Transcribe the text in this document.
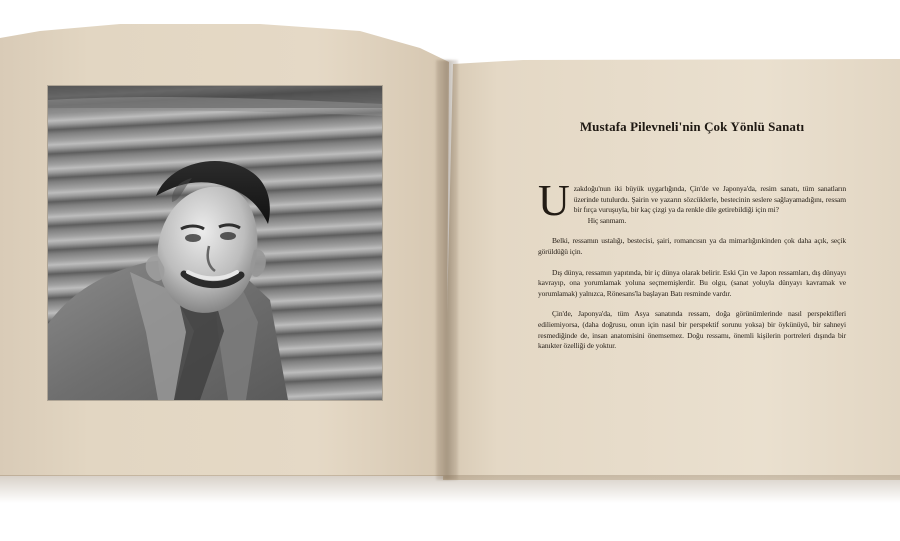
Mustafa Pilevneli'nin Çok Yönlü Sanatı

U zakdoğu'nun iki büyük uygarlığında, Çin'de ve Japonya'da, resim sanatı, tüm sanatların üzerinde tutulurdu. Şairin ve yazarın sözcüklerle, bestecinin seslere sağlayamadığını, ressam bir fırça vuruşuyla, bir kaç çizgi ya da renkle dile getirebildiği için mi?

Hiç sanmam.

Belki, ressamın ustalığı, bestecisi, şairi, romancısın ya da mimarlığınkinden çok daha açık, seçik görüldüğü için.

Dış dünya, ressamın yapıtında, bir iç dünya olarak belirir. Eski Çin ve Japon ressamları, dış dünyayı kavrayıp, ona yorumlamak yoluna seçmemişlerdir. Bu olgu, (sanat yoluyla dünyayı kavramak ve yorumlamak) yalnızca, Rönesans'la başlayan Batı resminde vardır.

Çin'de, Japonya'da, tüm Asya sanatında ressam, doğa görünümlerinde nasıl perspektifleri ediliemiyorsa, (daha doğrusu, onun için nasıl bir perspektif sorunu yoksa) bir öykünüyü, bir sahneyi resmediğinde de, insan anatomisini önemsemez. Doğu ressamı, önemli kişilerin portreleri dışında bir kanıkter özelliği de yoktur.
